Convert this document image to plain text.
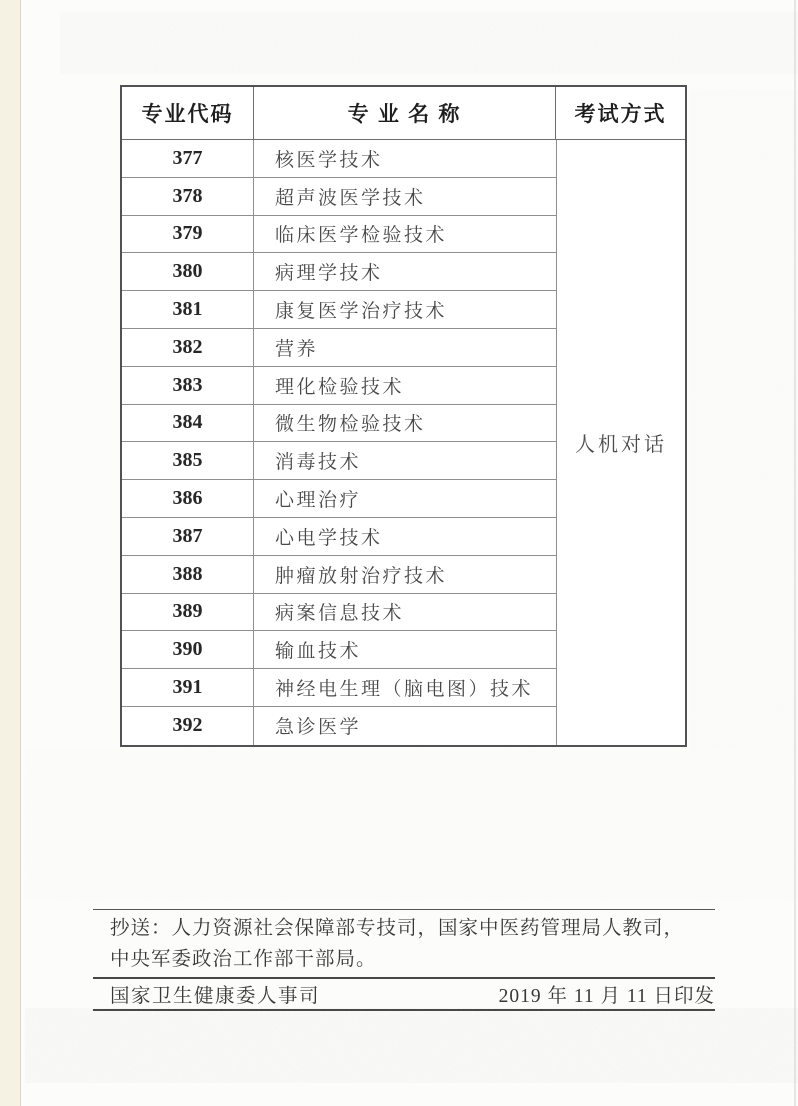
专业代码	专 业 名 称	考试方式
377	核医学技术
378	超声波医学技术
379	临床医学检验技术
380	病理学技术
381	康复医学治疗技术
382	营养
383	理化检验技术
384	微生物检验技术
385	消毒技术
386	心理治疗
387	心电学技术
388	肿瘤放射治疗技术
389	病案信息技术
390	输血技术
391	神经电生理（脑电图）技术
392	急诊医学
人机对话
抄送：人力资源社会保障部专技司，国家中医药管理局人教司，
中央军委政治工作部干部局。
国家卫生健康委人事司	2019 年 11 月 11 日印发
